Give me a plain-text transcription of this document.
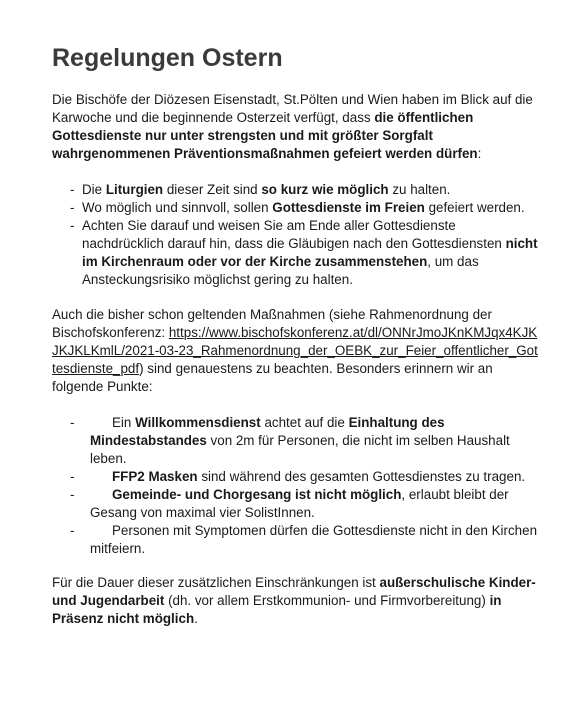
Regelungen Ostern

Die Bischöfe der Diözesen Eisenstadt, St.Pölten und Wien haben im Blick auf die Karwoche und die beginnende Osterzeit verfügt, dass die öffentlichen Gottesdienste nur unter strengsten und mit größter Sorgfalt wahrgenommenen Präventionsmaßnahmen gefeiert werden dürfen:

- Die Liturgien dieser Zeit sind so kurz wie möglich zu halten.
- Wo möglich und sinnvoll, sollen Gottesdienste im Freien gefeiert werden.
- Achten Sie darauf und weisen Sie am Ende aller Gottesdienste nachdrücklich darauf hin, dass die Gläubigen nach den Gottesdiensten nicht im Kirchenraum oder vor der Kirche zusammenstehen, um das Ansteckungsrisiko möglichst gering zu halten.

Auch die bisher schon geltenden Maßnahmen (siehe Rahmenordnung der Bischofskonferenz: https://www.bischofskonferenz.at/dl/ONNrJmoJKnKMJqx4KJKJKJKLKmlL/2021-03-23_Rahmenordnung_der_OEBK_zur_Feier_offentlicher_Gottesdienste_pdf) sind genauestens zu beachten. Besonders erinnern wir an folgende Punkte:

-	Ein Willkommensdienst achtet auf die Einhaltung des Mindestabstandes von 2m für Personen, die nicht im selben Haushalt leben.
-	FFP2 Masken sind während des gesamten Gottesdienstes zu tragen.
-	Gemeinde- und Chorgesang ist nicht möglich, erlaubt bleibt der Gesang von maximal vier SolistInnen.
-	Personen mit Symptomen dürfen die Gottesdienste nicht in den Kirchen mitfeiern.

Für die Dauer dieser zusätzlichen Einschränkungen ist außerschulische Kinder- und Jugendarbeit (dh. vor allem Erstkommunion- und Firmvorbereitung) in Präsenz nicht möglich.
